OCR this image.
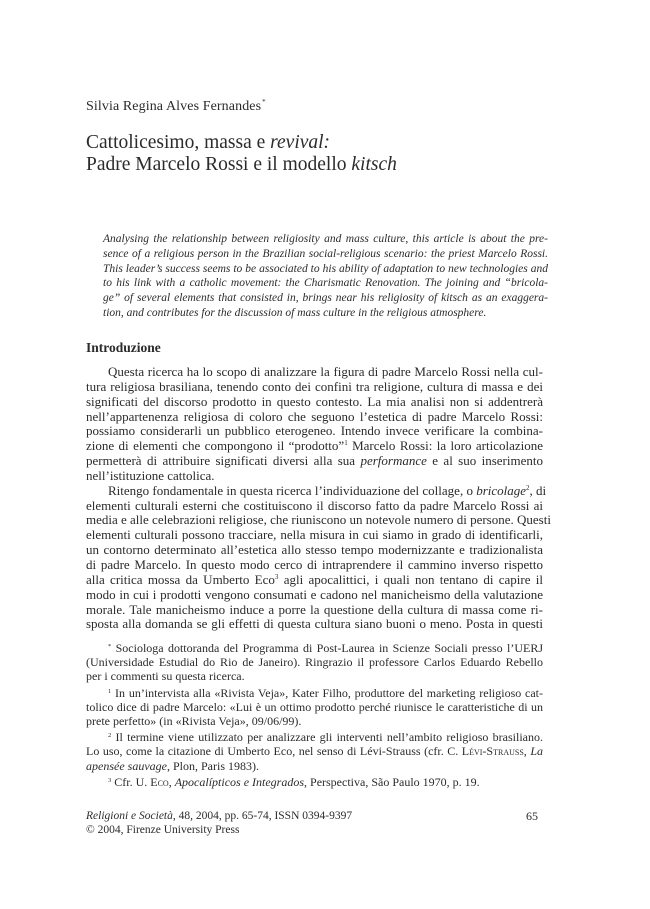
Silvia Regina Alves Fernandes*
Cattolicesimo, massa e revival:
Padre Marcelo Rossi e il modello kitsch
Analysing the relationship between religiosity and mass culture, this article is about the pre-
sence of a religious person in the Brazilian social-religious scenario: the priest Marcelo Rossi.
This leader’s success seems to be associated to his ability of adaptation to new technologies and
to his link with a catholic movement: the Charismatic Renovation. The joining and “bricola-
ge” of several elements that consisted in, brings near his religiosity of kitsch as an exaggera-
tion, and contributes for the discussion of mass culture in the religious atmosphere.
Introduzione
Questa ricerca ha lo scopo di analizzare la figura di padre Marcelo Rossi nella cul-
tura religiosa brasiliana, tenendo conto dei confini tra religione, cultura di massa e dei
significati del discorso prodotto in questo contesto. La mia analisi non si addentrerà
nell’appartenenza religiosa di coloro che seguono l’estetica di padre Marcelo Rossi:
possiamo considerarli un pubblico eterogeneo. Intendo invece verificare la combina-
zione di elementi che compongono il “prodotto”$^1$ Marcelo Rossi: la loro articolazione
permetterà di attribuire significati diversi alla sua performance e al suo inserimento
nell’istituzione cattolica.
Ritengo fondamentale in questa ricerca l’individuazione del collage, o bricolage$^2$, di
elementi culturali esterni che costituiscono il discorso fatto da padre Marcelo Rossi ai
media e alle celebrazioni religiose, che riuniscono un notevole numero di persone. Questi
elementi culturali possono tracciare, nella misura in cui siamo in grado di identificarli,
un contorno determinato all’estetica allo stesso tempo modernizzante e tradizionalista
di padre Marcelo. In questo modo cerco di intraprendere il cammino inverso rispetto
alla critica mossa da Umberto Eco$^3$ agli apocalittici, i quali non tentano di capire il
modo in cui i prodotti vengono consumati e cadono nel manicheismo della valutazione
morale. Tale manicheismo induce a porre la questione della cultura di massa come ri-
sposta alla domanda se gli effetti di questa cultura siano buoni o meno. Posta in questi
* Sociologa dottoranda del Programma di Post-Laurea in Scienze Sociali presso l’UERJ
(Universidade Estudial do Rio de Janeiro). Ringrazio il professore Carlos Eduardo Rebello
per i commenti su questa ricerca.
$^1$ In un’intervista alla «Rivista Veja», Kater Filho, produttore del marketing religioso cat-
tolico dice di padre Marcelo: «Lui è un ottimo prodotto perché riunisce le caratteristiche di un
prete perfetto» (in «Rivista Veja», 09/06/99).
$^2$ Il termine viene utilizzato per analizzare gli interventi nell’ambito religioso brasiliano.
Lo uso, come la citazione di Umberto Eco, nel senso di Lévi-Strauss (cfr. C. Lévi-Strauss, La
apensée sauvage, Plon, Paris 1983).
$^3$ Cfr. U. Eco, Apocalípticos e Integrados, Perspectiva, São Paulo 1970, p. 19.
Religioni e Società, 48, 2004, pp. 65-74, ISSN 0394-9397
© 2004, Firenze University Press
65
